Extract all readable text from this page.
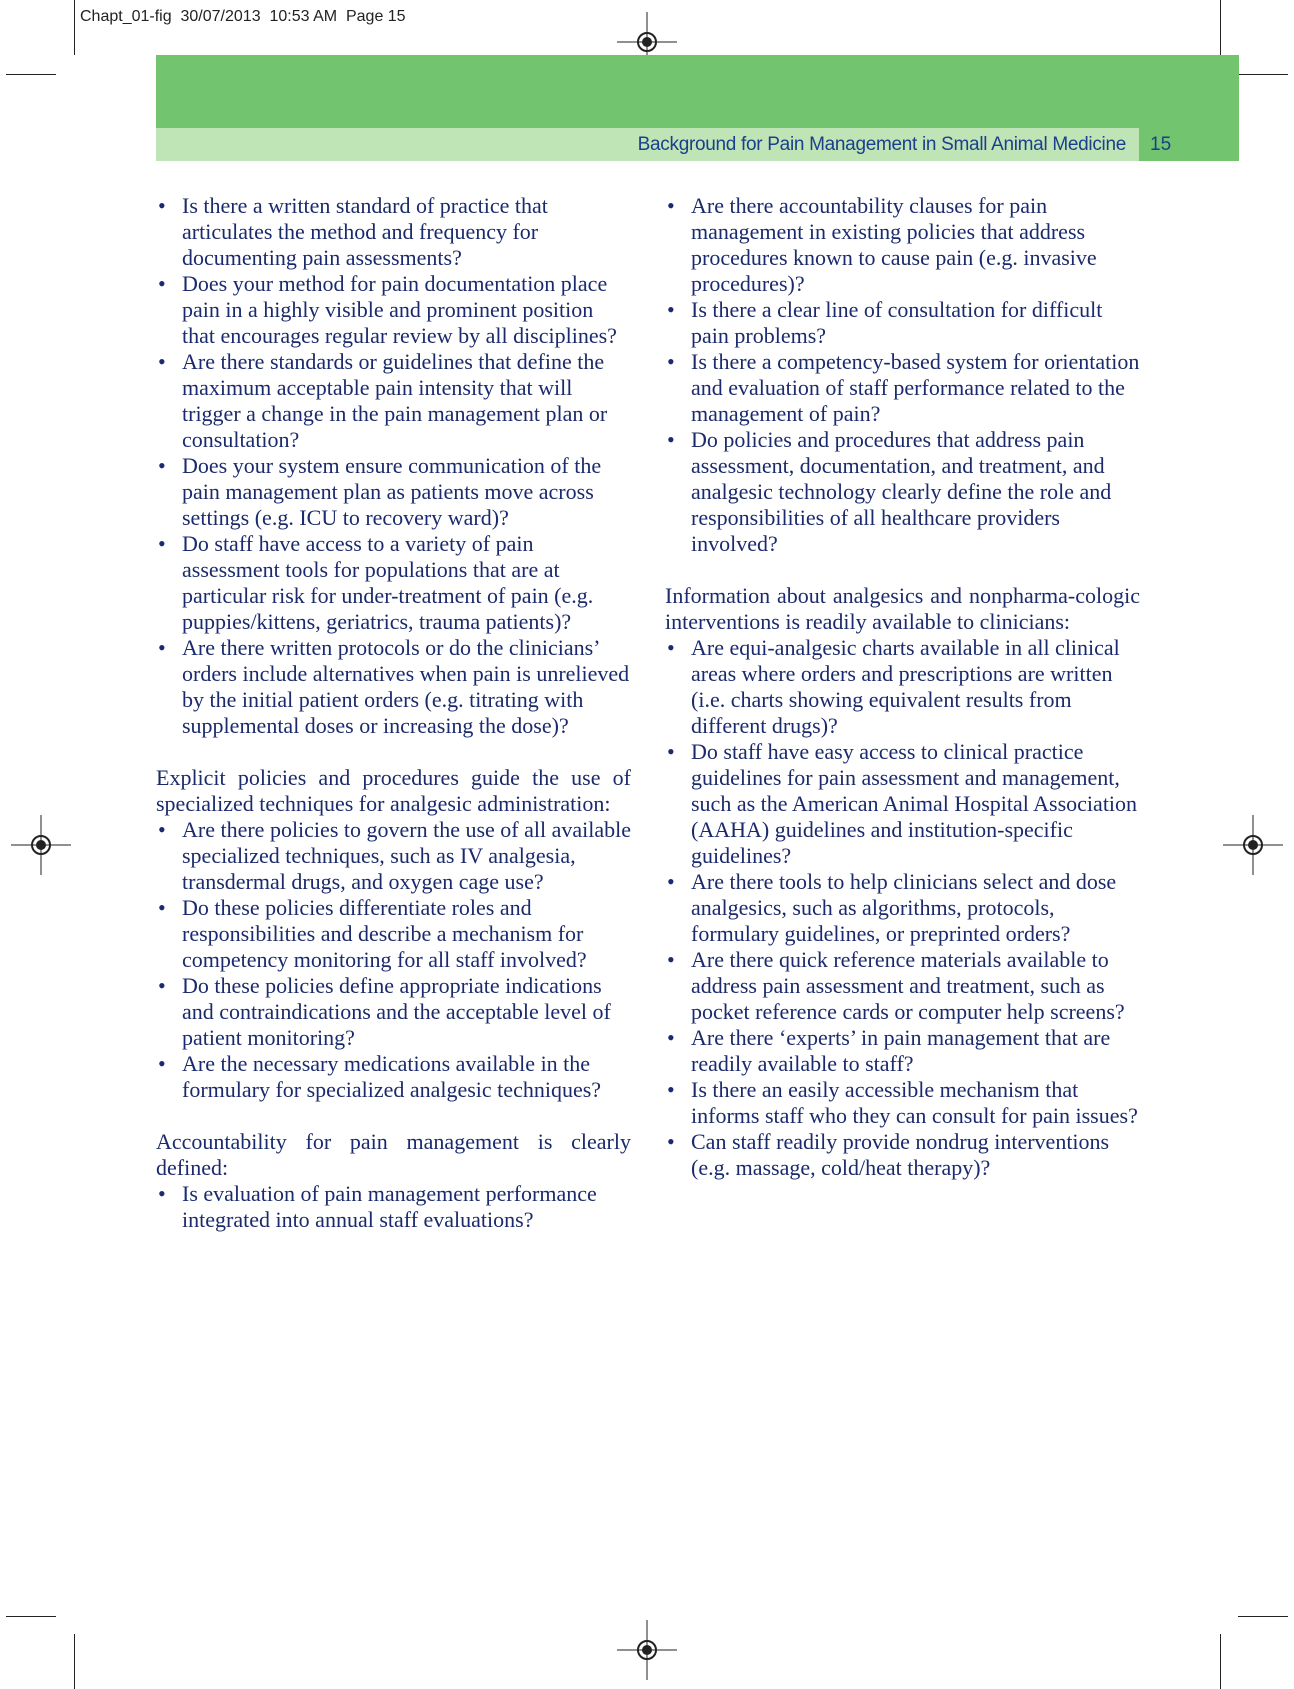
Chapt_01-fig  30/07/2013  10:53 AM  Page 15
Background for Pain Management in Small Animal Medicine 15
• Is there a written standard of practice that articulates the method and frequency for documenting pain assessments?
• Does your method for pain documentation place pain in a highly visible and prominent position that encourages regular review by all disciplines?
• Are there standards or guidelines that define the maximum acceptable pain intensity that will trigger a change in the pain management plan or consultation?
• Does your system ensure communication of the pain management plan as patients move across settings (e.g. ICU to recovery ward)?
• Do staff have access to a variety of pain assessment tools for populations that are at particular risk for under-treatment of pain (e.g. puppies/kittens, geriatrics, trauma patients)?
• Are there written protocols or do the clinicians’ orders include alternatives when pain is unrelieved by the initial patient orders (e.g. titrating with supplemental doses or increasing the dose)?

Explicit policies and procedures guide the use of specialized techniques for analgesic administration:

• Are there policies to govern the use of all available specialized techniques, such as IV analgesia, transdermal drugs, and oxygen cage use?
• Do these policies differentiate roles and responsibilities and describe a mechanism for competency monitoring for all staff involved?
• Do these policies define appropriate indications and contraindications and the acceptable level of patient monitoring?
• Are the necessary medications available in the formulary for specialized analgesic techniques?

Accountability for pain management is clearly defined:

• Is evaluation of pain management performance integrated into annual staff evaluations?
• Are there accountability clauses for pain management in existing policies that address procedures known to cause pain (e.g. invasive procedures)?
• Is there a clear line of consultation for difficult pain problems?
• Is there a competency-based system for orientation and evaluation of staff performance related to the management of pain?
• Do policies and procedures that address pain assessment, documentation, and treatment, and analgesic technology clearly define the role and responsibilities of all healthcare providers involved?

Information about analgesics and nonpharma-cologic interventions is readily available to clinicians:

• Are equi-analgesic charts available in all clinical areas where orders and prescriptions are written (i.e. charts showing equivalent results from different drugs)?
• Do staff have easy access to clinical practice guidelines for pain assessment and management, such as the American Animal Hospital Association (AAHA) guidelines and institution-specific guidelines?
• Are there tools to help clinicians select and dose analgesics, such as algorithms, protocols, formulary guidelines, or preprinted orders?
• Are there quick reference materials available to address pain assessment and treatment, such as pocket reference cards or computer help screens?
• Are there ‘experts’ in pain management that are readily available to staff?
• Is there an easily accessible mechanism that informs staff who they can consult for pain issues?
• Can staff readily provide nondrug interventions (e.g. massage, cold/heat therapy)?
